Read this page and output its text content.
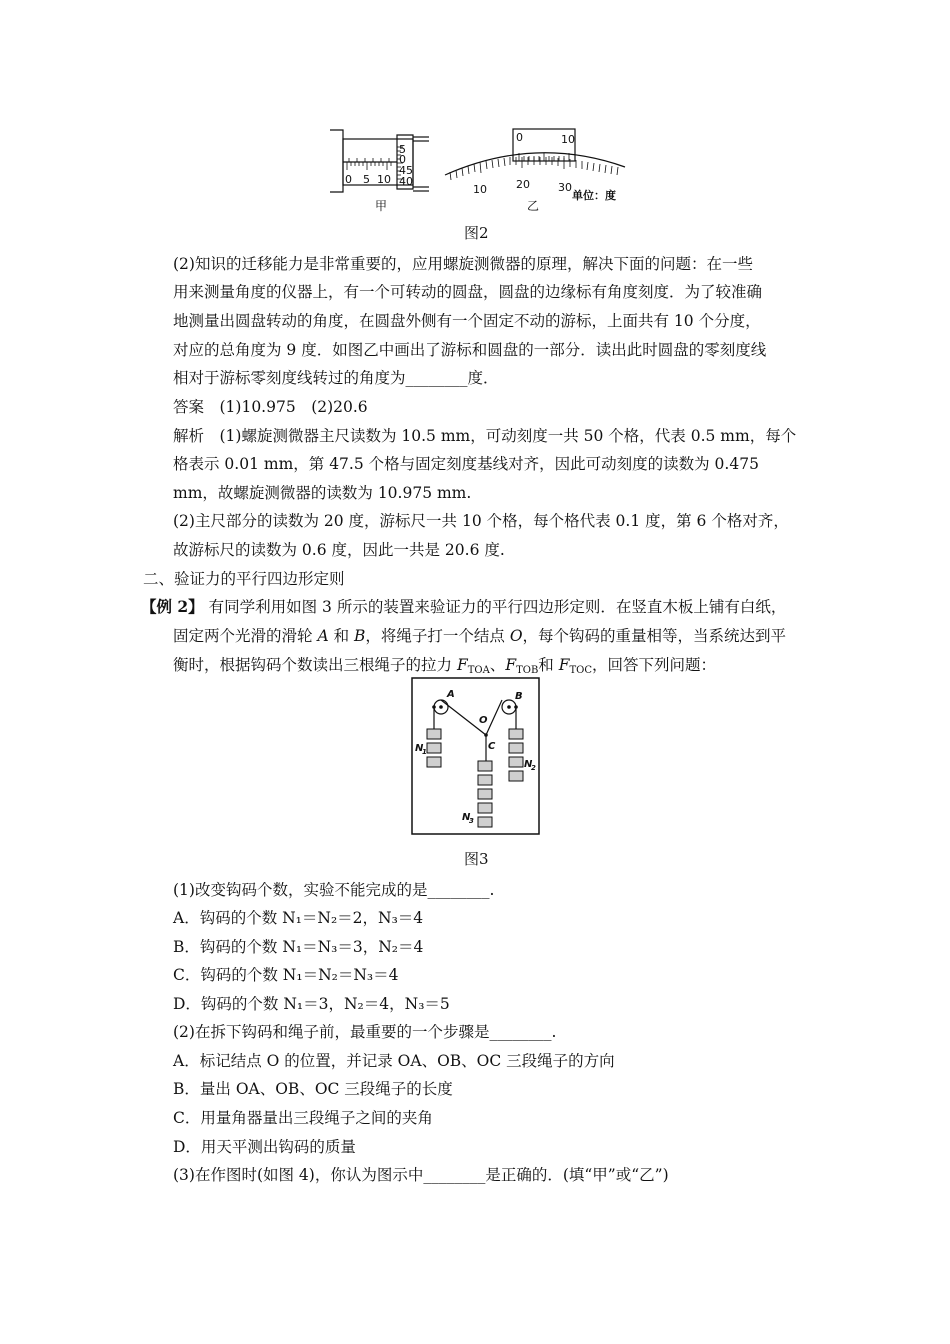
0 5 10
5
0
45
40
甲
0	10
10	20	30
单位：度
乙
图2
(2)知识的迁移能力是非常重要的，应用螺旋测微器的原理，解决下面的问题：在一些
用来测量角度的仪器上，有一个可转动的圆盘，圆盘的边缘标有角度刻度．为了较准确
地测量出圆盘转动的角度，在圆盘外侧有一个固定不动的游标，上面共有 10 个分度，
对应的总角度为 9 度．如图乙中画出了游标和圆盘的一部分．读出此时圆盘的零刻度线
相对于游标零刻度线转过的角度为________度．
答案　(1)10.975　(2)20.6
解析　(1)螺旋测微器主尺读数为 10.5 mm，可动刻度一共 50 个格，代表 0.5 mm，每个
格表示 0.01 mm，第 47.5 个格与固定刻度基线对齐，因此可动刻度的读数为 0.475
mm，故螺旋测微器的读数为 10.975 mm.
(2)主尺部分的读数为 20 度，游标尺一共 10 个格，每个格代表 0.1 度，第 6 个格对齐，
故游标尺的读数为 0.6 度，因此一共是 20.6 度.
二、验证力的平行四边形定则
【例 2】 有同学利用如图 3 所示的装置来验证力的平行四边形定则．在竖直木板上铺有白纸，
固定两个光滑的滑轮 A 和 B，将绳子打一个结点 O，每个钩码的重量相等，当系统达到平
衡时，根据钩码个数读出三根绳子的拉力 $F_{TOA}$、$F_{TOB}$和 $F_{TOC}$，回答下列问题：
A	B
O
C
N
1
N
2
N
3
图3
(1)改变钩码个数，实验不能完成的是________.
A．钩码的个数 N₁＝N₂＝2，N₃＝4
B．钩码的个数 N₁＝N₃＝3，N₂＝4
C．钩码的个数 N₁＝N₂＝N₃＝4
D．钩码的个数 N₁＝3，N₂＝4，N₃＝5
(2)在拆下钩码和绳子前，最重要的一个步骤是________.
A．标记结点 O 的位置，并记录 OA、OB、OC 三段绳子的方向
B．量出 OA、OB、OC 三段绳子的长度
C．用量角器量出三段绳子之间的夹角
D．用天平测出钩码的质量
(3)在作图时(如图 4)，你认为图示中________是正确的．(填“甲”或“乙”)
